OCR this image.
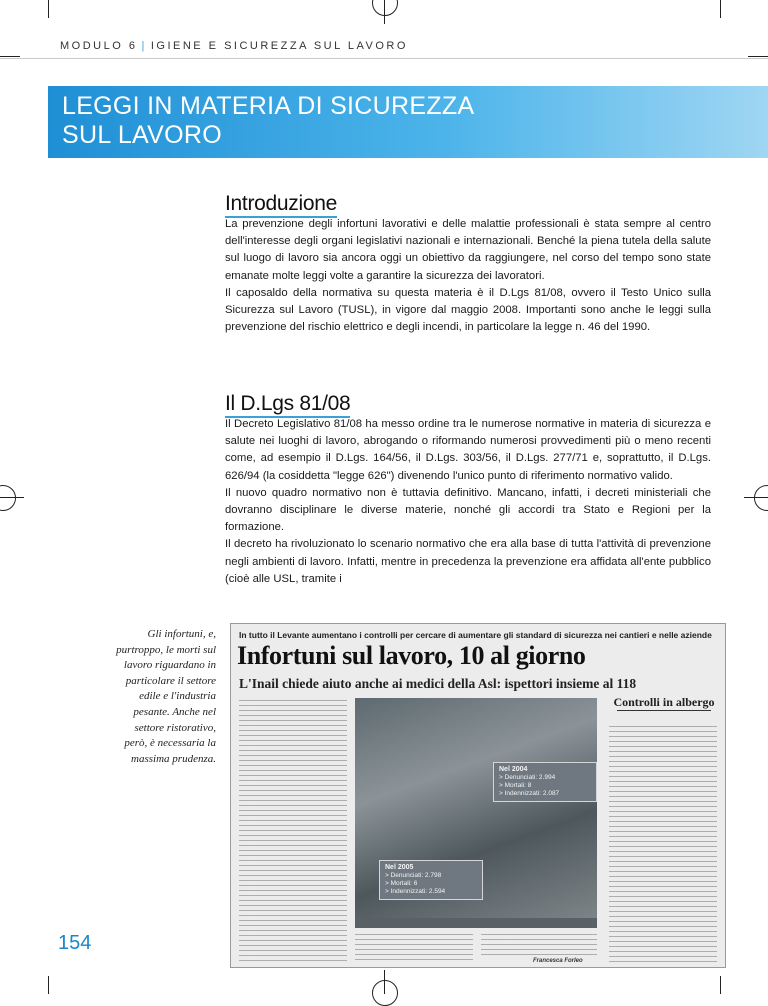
MODULO 6 | IGIENE E SICUREZZA SUL LAVORO
LEGGI IN MATERIA DI SICUREZZA
SUL LAVORO
Introduzione

La prevenzione degli infortuni lavorativi e delle malattie professionali è stata sempre al centro dell'interesse degli organi legislativi nazionali e internazionali. Benché la piena tutela della salute sul luogo di lavoro sia ancora oggi un obiettivo da raggiungere, nel corso del tempo sono state emanate molte leggi volte a garantire la sicurezza dei lavoratori.

Il caposaldo della normativa su questa materia è il D.Lgs 81/08, ovvero il Testo Unico sulla Sicurezza sul Lavoro (TUSL), in vigore dal maggio 2008. Importanti sono anche le leggi sulla prevenzione del rischio elettrico e degli incendi, in particolare la legge n. 46 del 1990.

Il D.Lgs 81/08

Il Decreto Legislativo 81/08 ha messo ordine tra le numerose normative in materia di sicurezza e salute nei luoghi di lavoro, abrogando o riformando numerosi provvedimenti più o meno recenti come, ad esempio il D.Lgs. 164/56, il D.Lgs. 303/56, il D.Lgs. 277/71 e, soprattutto, il D.Lgs. 626/94 (la cosiddetta "legge 626") divenendo l'unico punto di riferimento normativo valido.

Il nuovo quadro normativo non è tuttavia definitivo. Mancano, infatti, i decreti ministeriali che dovranno disciplinare le diverse materie, nonché gli accordi tra Stato e Regioni per la formazione.

Il decreto ha rivoluzionato lo scenario normativo che era alla base di tutta l'attività di prevenzione negli ambienti di lavoro. Infatti, mentre in precedenza la prevenzione era affidata all'ente pubblico (cioè alle USL, tramite i

Gli infortuni, e, purtroppo, le morti sul lavoro riguardano in particolare il settore edile e l'industria pesante. Anche nel settore ristorativo, però, è necessaria la massima prudenza.
In tutto il Levante aumentano i controlli per cercare di aumentare gli standard di sicurezza nei cantieri e nelle aziende
Infortuni sul lavoro, 10 al giorno
L'Inail chiede aiuto anche ai medici della Asl: ispettori insieme al 118
Nel 2004
> Denunciati: 2.994
> Mortali: 8
> Indennizzati: 2.087
Nel 2005
> Denunciati: 2.798
> Mortali: 6
> Indennizzati: 2.594
Francesca Forleo
Controlli in albergo
154
